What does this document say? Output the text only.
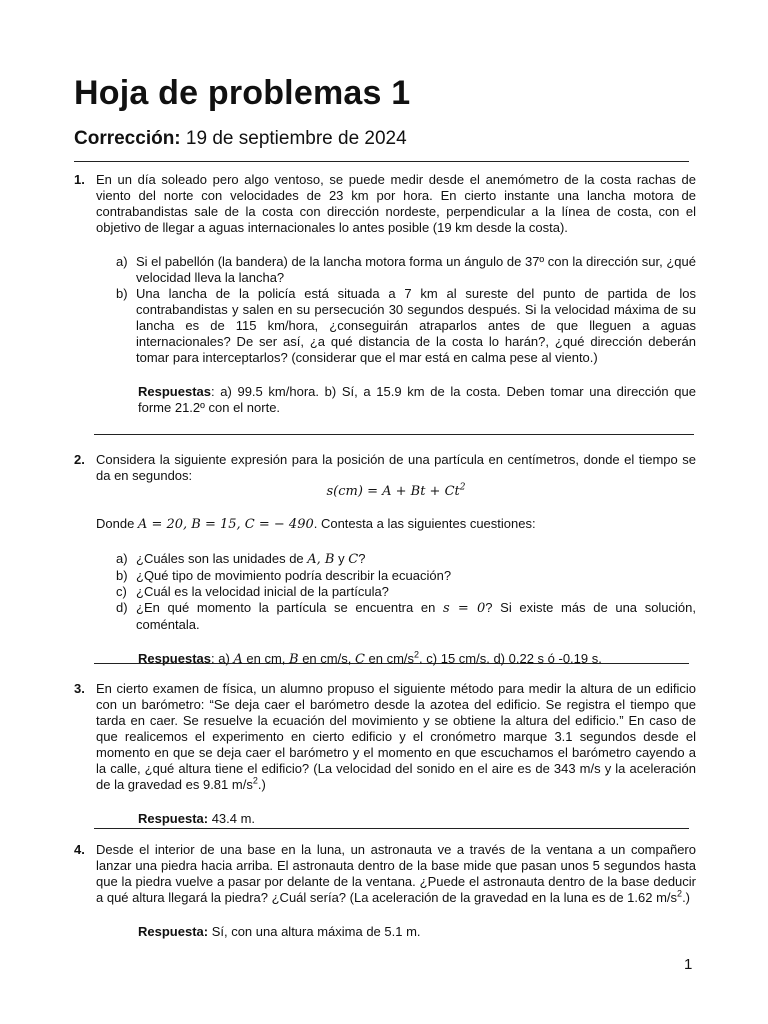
Hoja de problemas 1
Corrección: 19 de septiembre de 2024
1. En un día soleado pero algo ventoso, se puede medir desde el anemómetro de la costa rachas de viento del norte con velocidades de 23 km por hora. En cierto instante una lancha motora de contrabandistas sale de la costa con dirección nordeste, perpendicular a la línea de costa, con el objetivo de llegar a aguas internacionales lo antes posible (19 km desde la costa).
a) Si el pabellón (la bandera) de la lancha motora forma un ángulo de 37º con la dirección sur, ¿qué velocidad lleva la lancha?
b) Una lancha de la policía está situada a 7 km al sureste del punto de partida de los contrabandistas y salen en su persecución 30 segundos después. Si la velocidad máxima de su lancha es de 115 km/hora, ¿conseguirán atraparlos antes de que lleguen a aguas internacionales? De ser así, ¿a qué distancia de la costa lo harán?, ¿qué dirección deberán tomar para interceptarlos? (considerar que el mar está en calma pese al viento.)
Respuestas: a) 99.5 km/hora. b) Sí, a 15.9 km de la costa. Deben tomar una dirección que forme 21.2º con el norte.
2. Considera la siguiente expresión para la posición de una partícula en centímetros, donde el tiempo se da en segundos:
$s(cm) = A + Bt + Ct^2$
Donde A = 20, B = 15, C = − 490. Contesta a las siguientes cuestiones:
a) ¿Cuáles son las unidades de A, B y C?
b) ¿Qué tipo de movimiento podría describir la ecuación?
c) ¿Cuál es la velocidad inicial de la partícula?
d) ¿En qué momento la partícula se encuentra en s = 0? Si existe más de una solución, coméntala.
Respuestas: a) A en cm, B en cm/s, C en $cm/s^2$. c) 15 cm/s. d) 0.22 s ó -0.19 s.
3. En cierto examen de física, un alumno propuso el siguiente método para medir la altura de un edificio con un barómetro: “Se deja caer el barómetro desde la azotea del edificio. Se registra el tiempo que tarda en caer. Se resuelve la ecuación del movimiento y se obtiene la altura del edificio.” En caso de que realicemos el experimento en cierto edificio y el cronómetro marque 3.1 segundos desde el momento en que se deja caer el barómetro y el momento en que escuchamos el barómetro cayendo a la calle, ¿qué altura tiene el edificio? (La velocidad del sonido en el aire es de 343 m/s y la aceleración de la gravedad es 9.81 $m/s^2$.)
Respuesta: 43.4 m.
4. Desde el interior de una base en la luna, un astronauta ve a través de la ventana a un compañero lanzar una piedra hacia arriba. El astronauta dentro de la base mide que pasan unos 5 segundos hasta que la piedra vuelve a pasar por delante de la ventana. ¿Puede el astronauta dentro de la base deducir a qué altura llegará la piedra? ¿Cuál sería? (La aceleración de la gravedad en la luna es de 1.62 $m/s^2$.)
Respuesta: Sí, con una altura máxima de 5.1 m.
1
